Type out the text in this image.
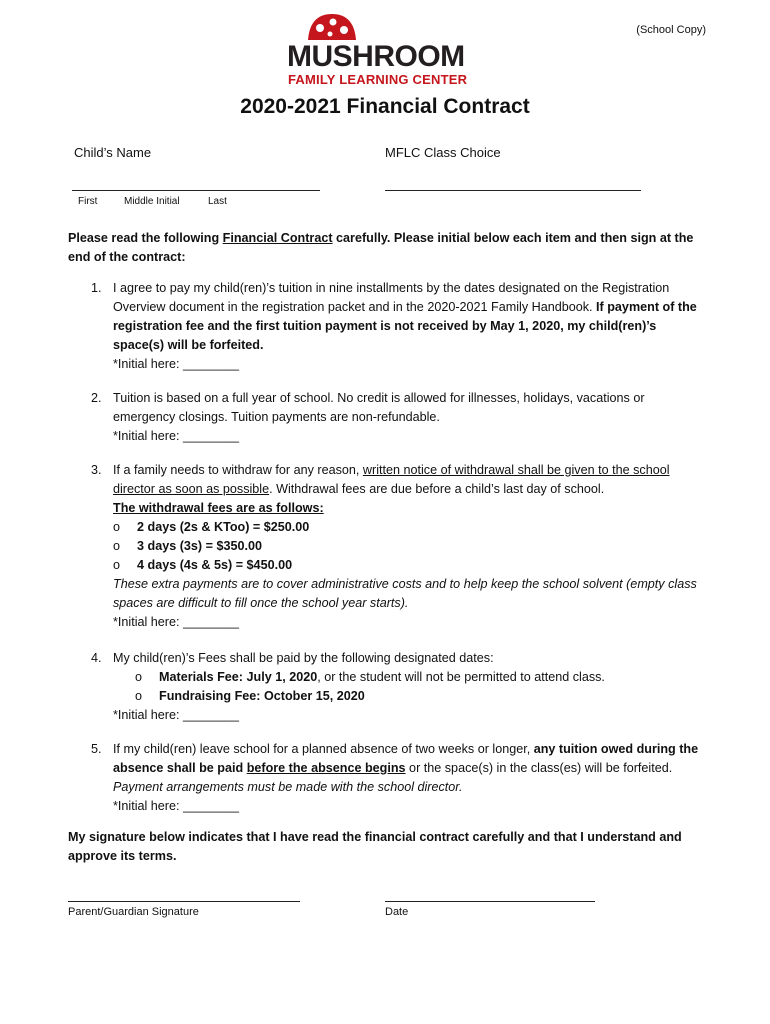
(School Copy)
MUSHROOM
FAMILY LEARNING CENTER
2020-2021 Financial Contract
Child’s Name	MFLC Class Choice
First	Middle Initial	Last
Please read the following Financial Contract carefully. Please initial below each item and then sign at the end of the contract:
1. I agree to pay my child(ren)’s tuition in nine installments by the dates designated on the Registration Overview document in the registration packet and in the 2020-2021 Family Handbook. If payment of the registration fee and the first tuition payment is not received by May 1, 2020, my child(ren)’s space(s) will be forfeited.
*Initial here: ________
2. Tuition is based on a full year of school. No credit is allowed for illnesses, holidays, vacations or emergency closings. Tuition payments are non-refundable.
*Initial here: ________
3. If a family needs to withdraw for any reason, written notice of withdrawal shall be given to the school director as soon as possible. Withdrawal fees are due before a child’s last day of school.
The withdrawal fees are as follows:
o 2 days (2s & KToo) = $250.00
o 3 days (3s) = $350.00
o 4 days (4s & 5s) = $450.00
These extra payments are to cover administrative costs and to help keep the school solvent (empty class spaces are difficult to fill once the school year starts).
*Initial here: ________
4. My child(ren)’s Fees shall be paid by the following designated dates:
o Materials Fee: July 1, 2020, or the student will not be permitted to attend class.
o Fundraising Fee: October 15, 2020
*Initial here: ________
5. If my child(ren) leave school for a planned absence of two weeks or longer, any tuition owed during the absence shall be paid before the absence begins or the space(s) in the class(es) will be forfeited. Payment arrangements must be made with the school director.
*Initial here: ________
My signature below indicates that I have read the financial contract carefully and that I understand and approve its terms.
Parent/Guardian Signature	Date
